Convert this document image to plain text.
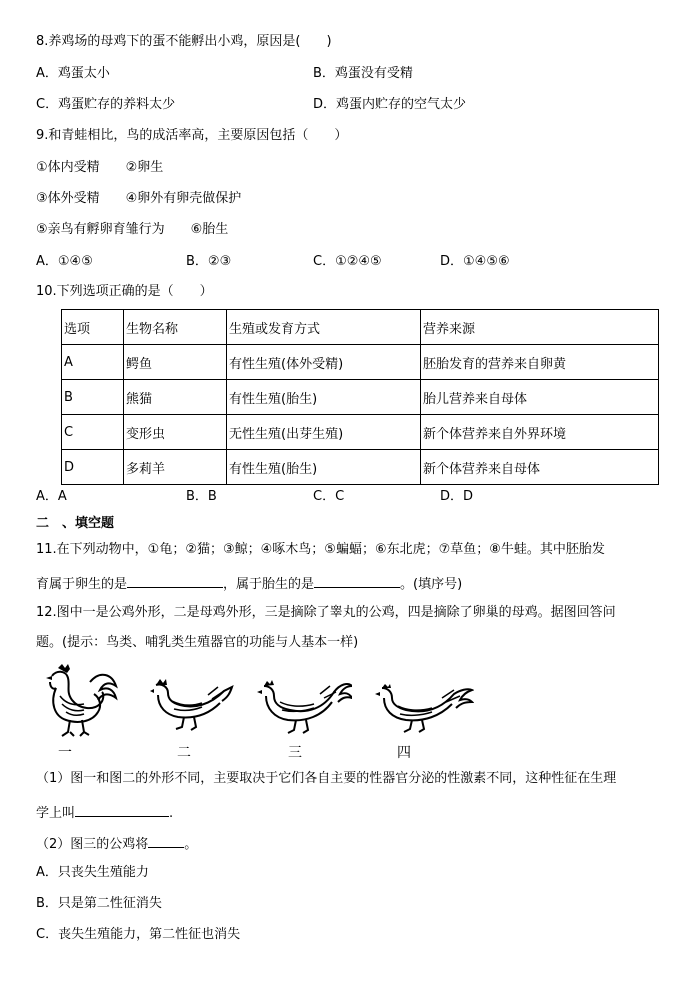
8.养鸡场的母鸡下的蛋不能孵出小鸡，原因是(　　)
A．鸡蛋太小	B．鸡蛋没有受精
C．鸡蛋贮存的养料太少	D．鸡蛋内贮存的空气太少
9.和青蛙相比，鸟的成活率高，主要原因包括（　　）
①体内受精　　②卵生
③体外受精　　④卵外有卵壳做保护
⑤亲鸟有孵卵育雏行为　　⑥胎生
A．①④⑤	B．②③	C．①②④⑤	D．①④⑤⑥
10.下列选项正确的是（　　）
选项	生物名称	生殖或发育方式	营养来源
A	鳄鱼	有性生殖(体外受精)	胚胎发育的营养来自卵黄
B	熊猫	有性生殖(胎生)	胎儿营养来自母体
C	变形虫	无性生殖(出芽生殖)	新个体营养来自外界环境
D	多莉羊	有性生殖(胎生)	新个体营养来自母体
A．A	B．B	C．C	D．D
二　、填空题
11.在下列动物中，①龟；②猫；③鲸；④啄木鸟；⑤蝙蝠；⑥东北虎；⑦草鱼；⑧牛蛙。其中胚胎发
育属于卵生的是	，属于胎生的是	。(填序号)
12.图中一是公鸡外形，二是母鸡外形，三是摘除了睾丸的公鸡，四是摘除了卵巢的母鸡。据图回答问
题。(提示：鸟类、哺乳类生殖器官的功能与人基本一样)
一	二	三	四
（1）图一和图二的外形不同，主要取决于它们各自主要的性器官分泌的性激素不同，这种性征在生理
学上叫	.
（2）图三的公鸡将	。
A．只丧失生殖能力
B．只是第二性征消失
C．丧失生殖能力，第二性征也消失
